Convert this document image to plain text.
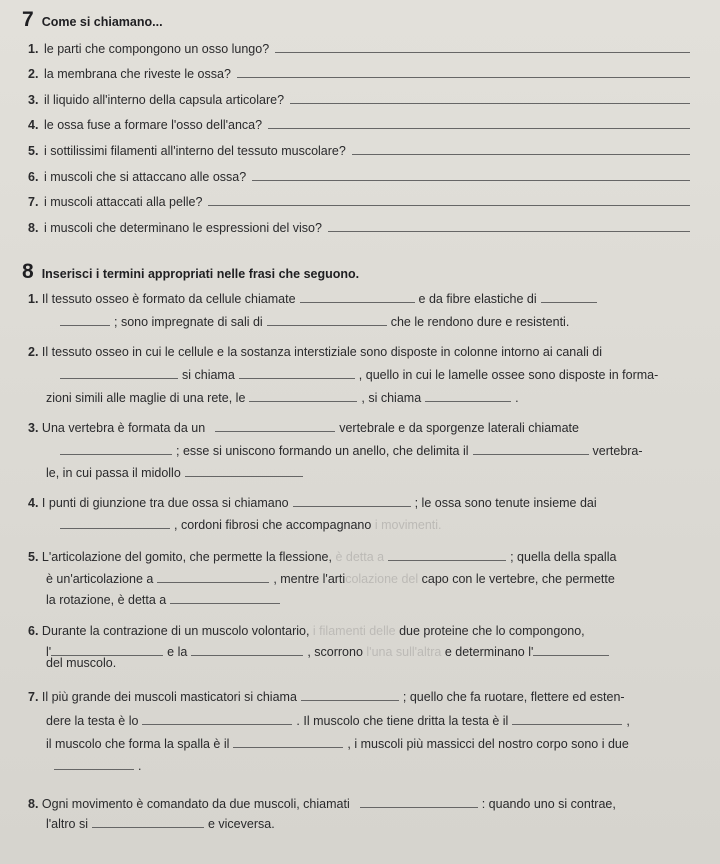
7 Come si chiamano...
1. le parti che compongono un osso lungo?
2. la membrana che riveste le ossa?
3. il liquido all'interno della capsula articolare?
4. le ossa fuse a formare l'osso dell'anca?
5. i sottilissimi filamenti all'interno del tessuto muscolare?
6. i muscoli che si attaccano alle ossa?
7. i muscoli attaccati alla pelle?
8. i muscoli che determinano le espressioni del viso?
8 Inserisci i termini appropriati nelle frasi che seguono.
1. Il tessuto osseo è formato da cellule chiamate	e da fibre elastiche di
; sono impregnate di sali di	che le rendono dure e resistenti.
2. Il tessuto osseo in cui le cellule e la sostanza interstiziale sono disposte in colonne intorno ai canali di
si chiama	, quello in cui le lamelle ossee sono disposte in forma-
zioni simili alle maglie di una rete, le	, si chiama	.
3. Una vertebra è formata da un	vertebrale e da sporgenze laterali chiamate
; esse si uniscono formando un anello, che delimita il	vertebra-
le, in cui passa il midollo
4. I punti di giunzione tra due ossa si chiamano	; le ossa sono tenute insieme dai
, cordoni fibrosi che accompagnano i movimenti.
5. L'articolazione del gomito, che permette la flessione, è detta a	; quella della spalla
è un'articolazione a	, mentre l'articolazione del capo con le vertebre, che permette
la rotazione, è detta a
6. Durante la contrazione di un muscolo volontario, i filamenti delle due proteine che lo compongono,
l'	e la	, scorrono l'una sull'altra e determinano l'
del muscolo.
7. Il più grande dei muscoli masticatori si chiama	; quello che fa ruotare, flettere ed esten-
dere la testa è lo	. Il muscolo che tiene dritta la testa è il	,
il muscolo che forma la spalla è il	, i muscoli più massicci del nostro corpo sono i due
.
8. Ogni movimento è comandato da due muscoli, chiamati	: quando uno si contrae,
l'altro si	e viceversa.
